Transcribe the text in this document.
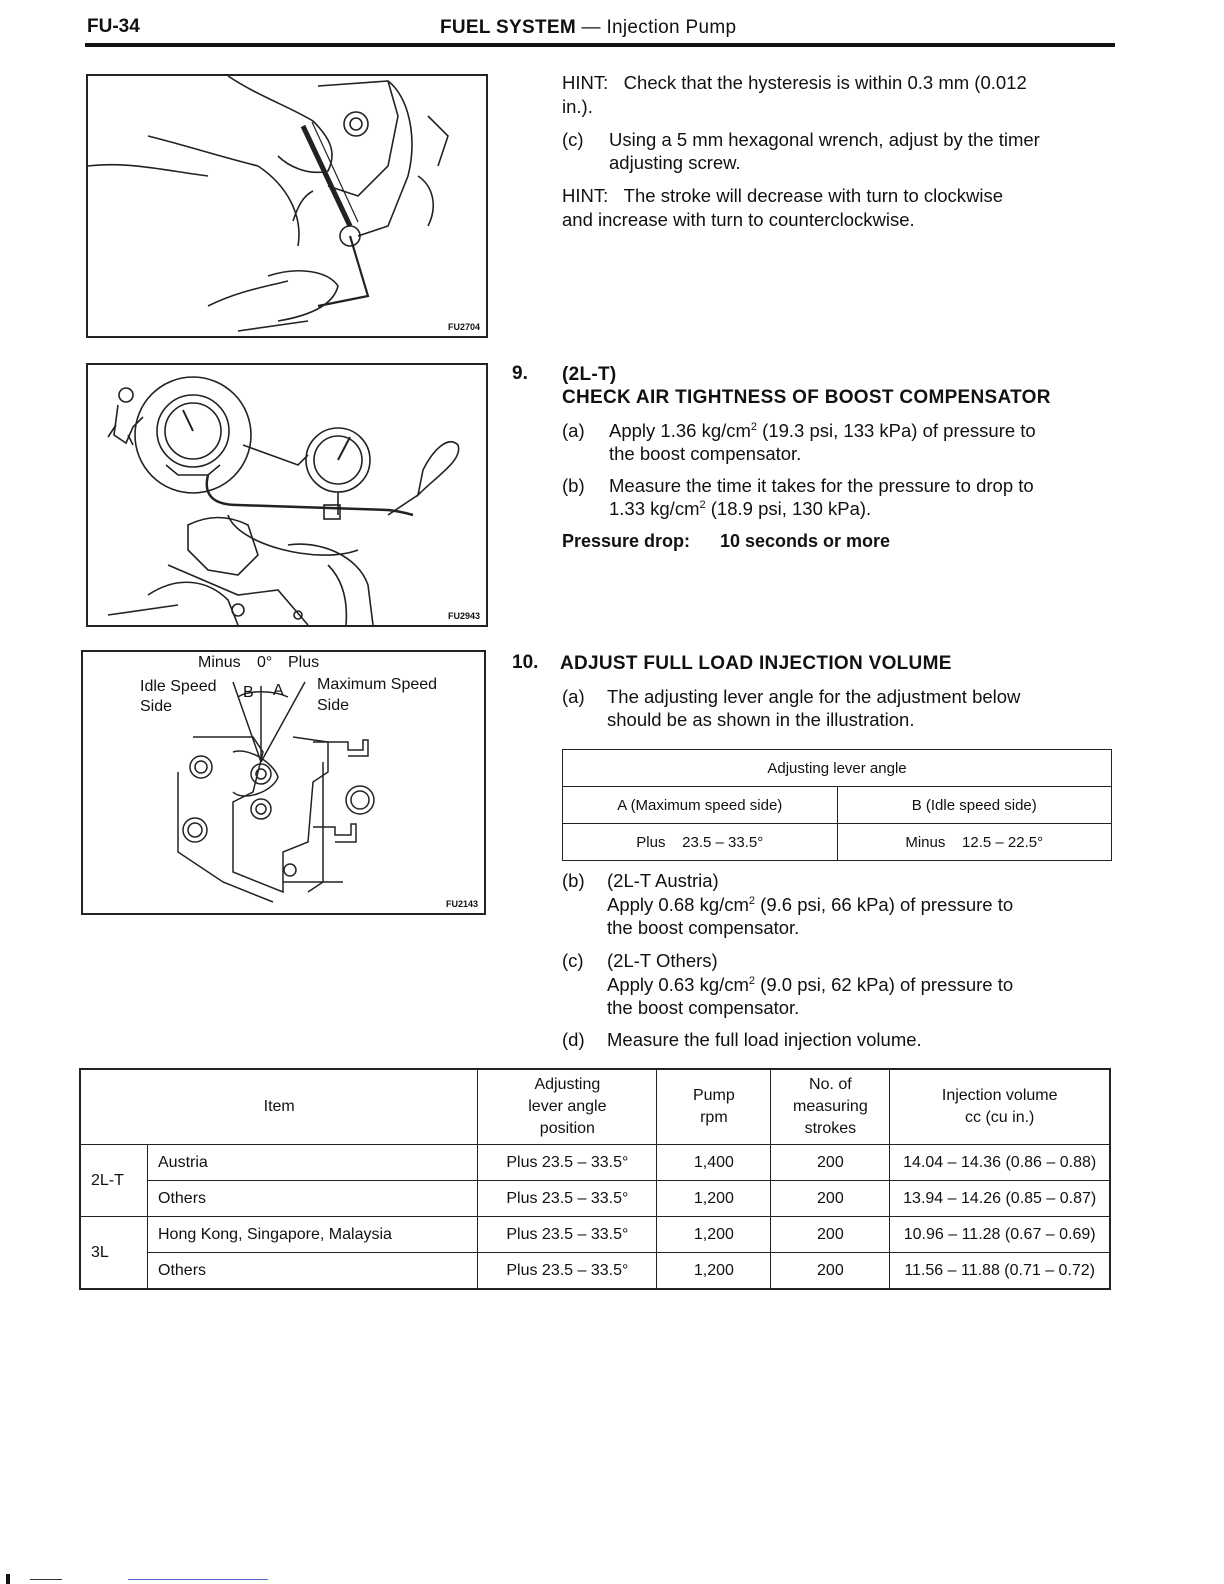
FU-34	FUEL SYSTEM — Injection Pump
FU2704
FU2943
Minus 0° Plus
Idle Speed
Side
Maximum Speed
Side
B A
FU2143
HINT: Check that the hysteresis is within 0.3 mm (0.012
in.).
(c) Using a 5 mm hexagonal wrench, adjust by the timer
adjusting screw.
HINT: The stroke will decrease with turn to clockwise
and increase with turn to counterclockwise.
9. (2L-T)
CHECK AIR TIGHTNESS OF BOOST COMPENSATOR
(a) Apply 1.36 $kg/cm^2$ (19.3 psi, 133 kPa) of pressure to
the boost compensator.
(b) Measure the time it takes for the pressure to drop to
1.33 $kg/cm^2$ (18.9 psi, 130 kPa).
Pressure drop: 10 seconds or more
10. ADJUST FULL LOAD INJECTION VOLUME
(a) The adjusting lever angle for the adjustment below
should be as shown in the illustration.
Adjusting lever angle	
A (Maximum speed side)	B (Idle speed side)
Plus 23.5 – 33.5°	Minus 12.5 – 22.5°
(b) (2L-T Austria)
Apply 0.68 $kg/cm^2$ (9.6 psi, 66 kPa) of pressure to
the boost compensator.
(c) (2L-T Others)
Apply 0.63 $kg/cm^2$ (9.0 psi, 62 kPa) of pressure to
the boost compensator.
(d) Measure the full load injection volume.
Item		Adjusting
lever angle
position	Pump
rpm	No. of
measuring
strokes	Injection volume
cc (cu in.)
2L-T	Austria	Plus 23.5 – 33.5°	1,400	200	14.04 – 14.36 (0.86 – 0.88)
	Others	Plus 23.5 – 33.5°	1,200	200	13.94 – 14.26 (0.85 – 0.87)
3L	Hong Kong, Singapore, Malaysia	Plus 23.5 – 33.5°	1,200	200	10.96 – 11.28 (0.67 – 0.69)
	Others	Plus 23.5 – 33.5°	1,200	200	11.56 – 11.88 (0.71 – 0.72)
